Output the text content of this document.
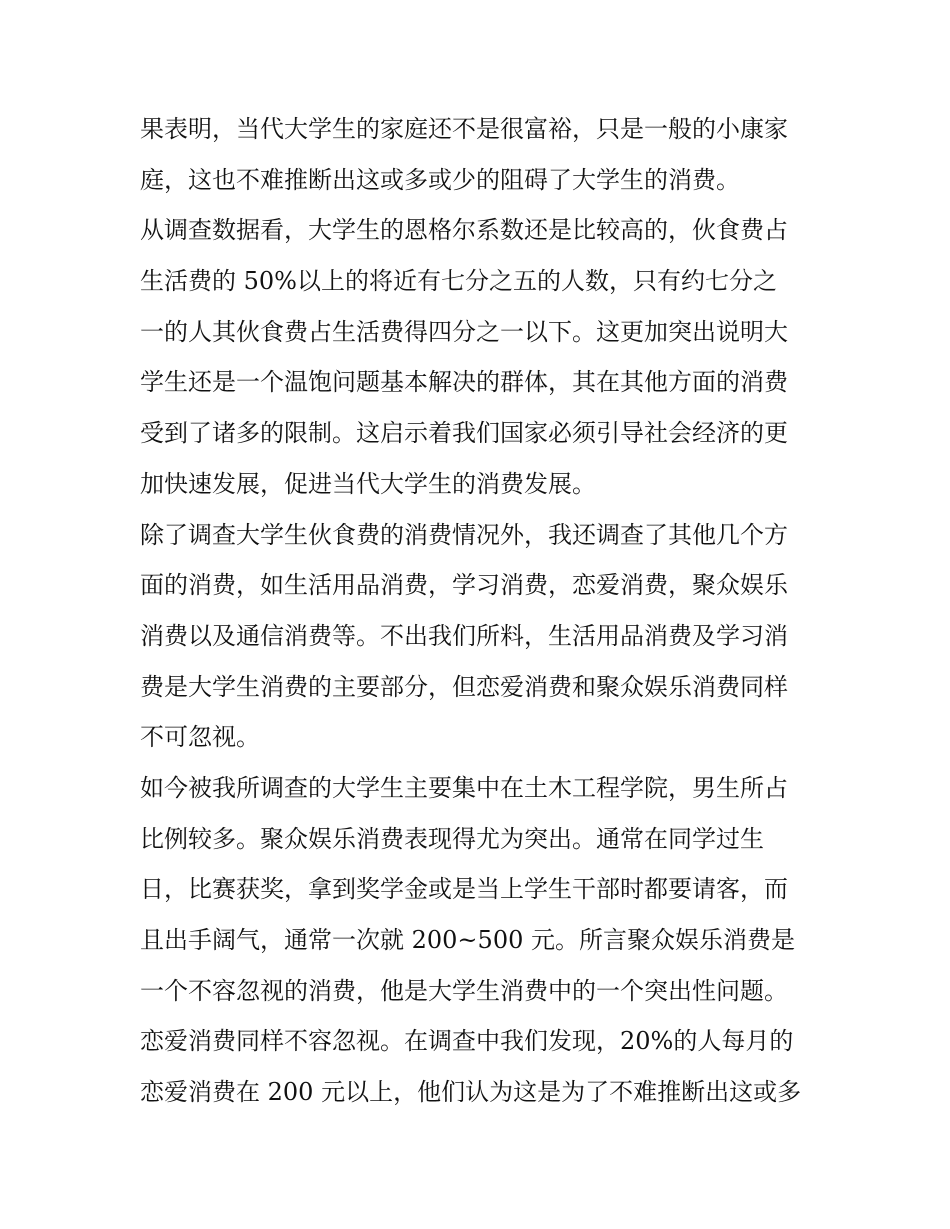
果表明，当代大学生的家庭还不是很富裕，只是一般的小康家
庭，这也不难推断出这或多或少的阻碍了大学生的消费。
从调查数据看，大学生的恩格尔系数还是比较高的，伙食费占
生活费的 50%以上的将近有七分之五的人数，只有约七分之
一的人其伙食费占生活费得四分之一以下。这更加突出说明大
学生还是一个温饱问题基本解决的群体，其在其他方面的消费
受到了诸多的限制。这启示着我们国家必须引导社会经济的更
加快速发展，促进当代大学生的消费发展。
除了调查大学生伙食费的消费情况外，我还调查了其他几个方
面的消费，如生活用品消费，学习消费，恋爱消费，聚众娱乐
消费以及通信消费等。不出我们所料，生活用品消费及学习消
费是大学生消费的主要部分，但恋爱消费和聚众娱乐消费同样
不可忽视。
如今被我所调查的大学生主要集中在土木工程学院，男生所占
比例较多。聚众娱乐消费表现得尤为突出。通常在同学过生
日，比赛获奖，拿到奖学金或是当上学生干部时都要请客，而
且出手阔气，通常一次就 200~500 元。所言聚众娱乐消费是
一个不容忽视的消费，他是大学生消费中的一个突出性问题。
恋爱消费同样不容忽视。在调查中我们发现，20%的人每月的
恋爱消费在 200 元以上，他们认为这是为了不难推断出这或多
